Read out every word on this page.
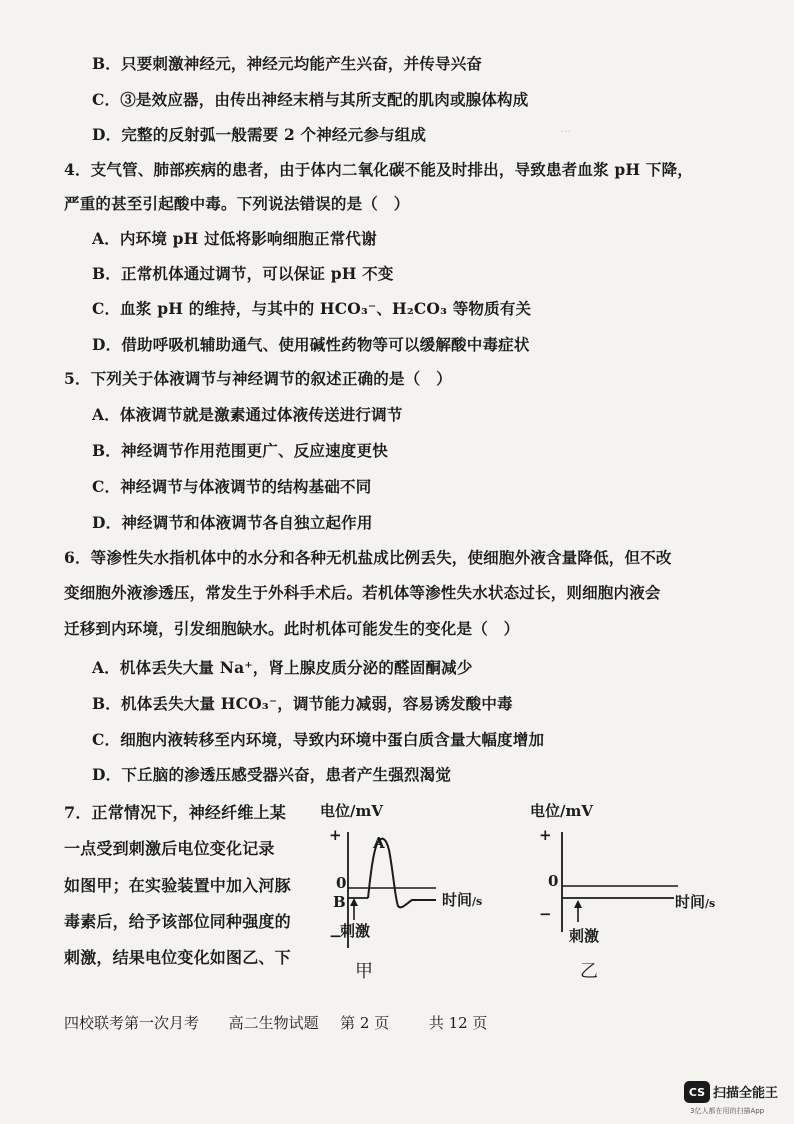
…
B．只要刺激神经元，神经元均能产生兴奋，并传导兴奋
C．③是效应器，由传出神经末梢与其所支配的肌肉或腺体构成
D．完整的反射弧一般需要 2 个神经元参与组成
4．支气管、肺部疾病的患者，由于体内二氧化碳不能及时排出，导致患者血浆 pH 下降，
严重的甚至引起酸中毒。下列说法错误的是（　）
A．内环境 pH 过低将影响细胞正常代谢
B．正常机体通过调节，可以保证 pH 不变
C．血浆 pH 的维持，与其中的 HCO₃⁻、H₂CO₃ 等物质有关
D．借助呼吸机辅助通气、使用碱性药物等可以缓解酸中毒症状
5．下列关于体液调节与神经调节的叙述正确的是（　）
A．体液调节就是激素通过体液传送进行调节
B．神经调节作用范围更广、反应速度更快
C．神经调节与体液调节的结构基础不同
D．神经调节和体液调节各自独立起作用
6．等渗性失水指机体中的水分和各种无机盐成比例丢失，使细胞外液含量降低，但不改
变细胞外液渗透压，常发生于外科手术后。若机体等渗性失水状态过长，则细胞内液会
迁移到内环境，引发细胞缺水。此时机体可能发生的变化是（　）
A．机体丢失大量 Na⁺，肾上腺皮质分泌的醛固酮减少
B．机体丢失大量 HCO₃⁻，调节能力减弱，容易诱发酸中毒
C．细胞内液转移至内环境，导致内环境中蛋白质含量大幅度增加
D．下丘脑的渗透压感受器兴奋，患者产生强烈渴觉
7．正常情况下，神经纤维上某
一点受到刺激后电位变化记录
如图甲；在实验装置中加入河豚
毒素后，给予该部位同种强度的
刺激，结果电位变化如图乙、下
电位/mV
+
0
B
−
A
时间/s
刺激
甲
电位/mV
+
0
−
时间/s
刺激
乙
四校联考第一次月考 高二生物试题 第 2 页	共 12 页
CS 扫描全能王
3亿人都在用的扫描App
